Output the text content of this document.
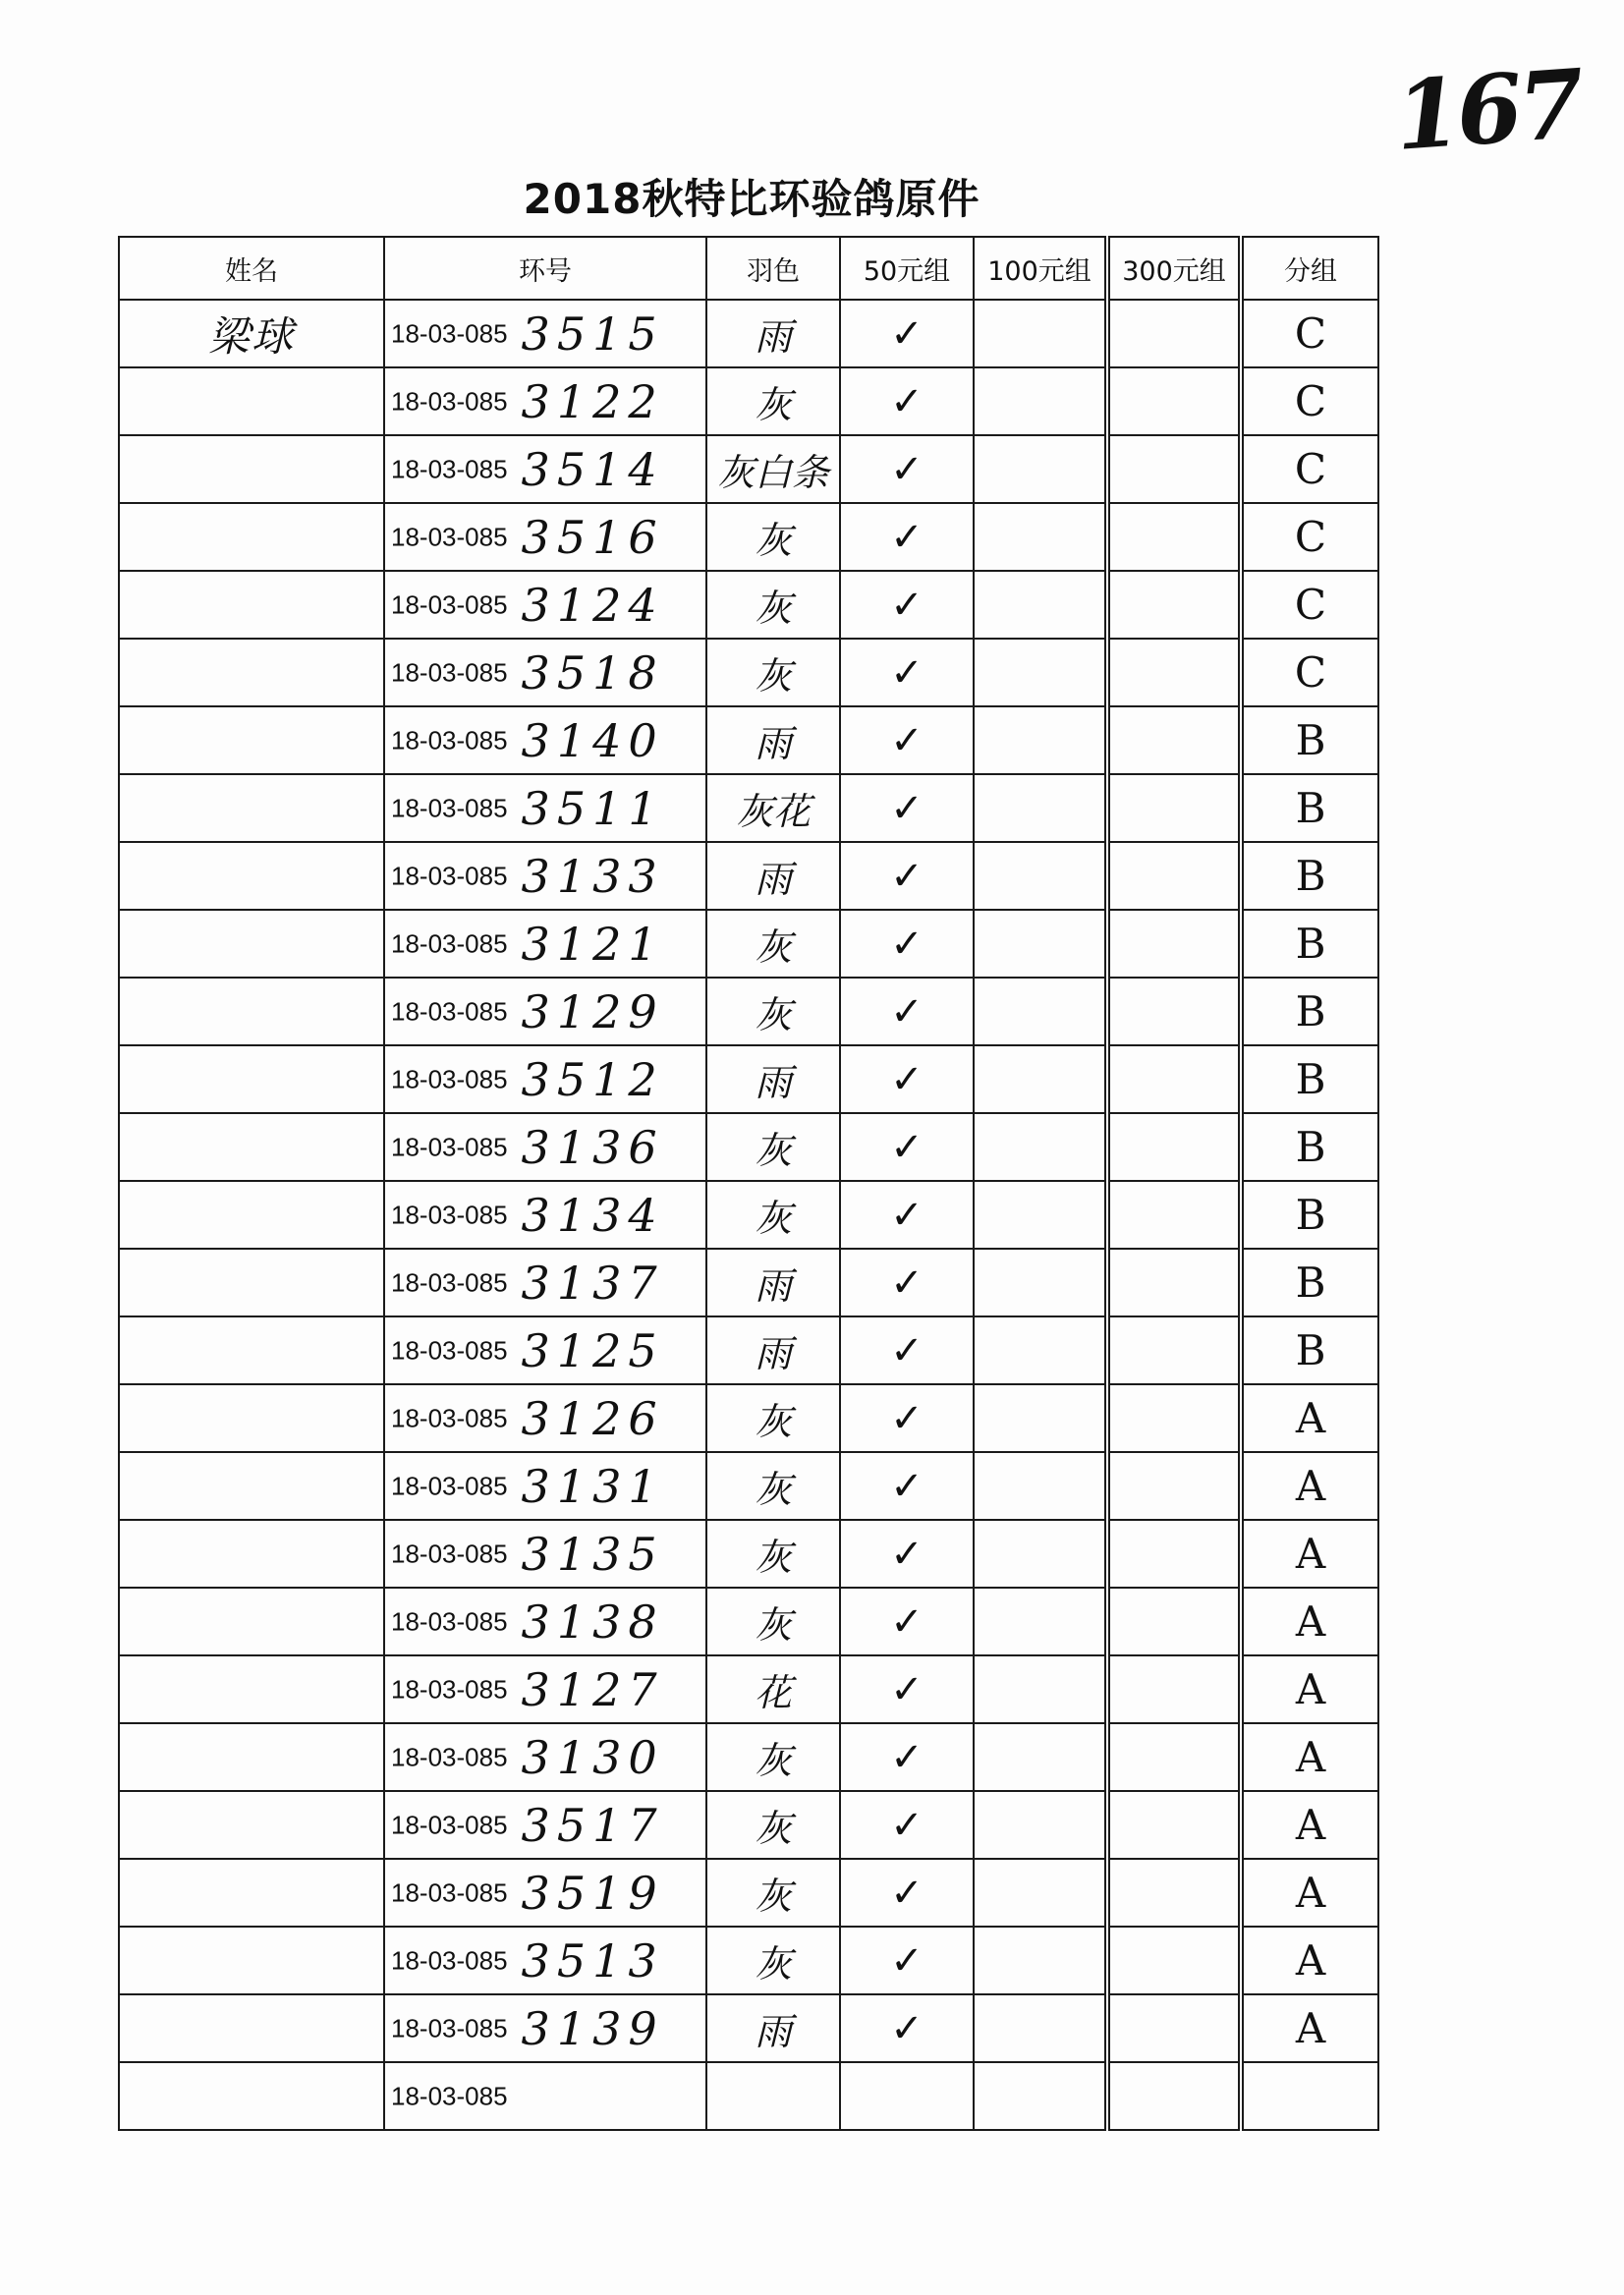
167
2018秋特比环验鸽原件
姓名	环号	羽色	50元组	100元组	300元组	分组
梁球	18-03-085 3515	雨	✓			C
	18-03-085 3122	灰	✓			C
	18-03-085 3514	灰白条	✓			C
	18-03-085 3516	灰	✓			C
	18-03-085 3124	灰	✓			C
	18-03-085 3518	灰	✓			C
	18-03-085 3140	雨	✓			B
	18-03-085 3511	灰花	✓			B
	18-03-085 3133	雨	✓			B
	18-03-085 3121	灰	✓			B
	18-03-085 3129	灰	✓			B
	18-03-085 3512	雨	✓			B
	18-03-085 3136	灰	✓			B
	18-03-085 3134	灰	✓			B
	18-03-085 3137	雨	✓			B
	18-03-085 3125	雨	✓			B
	18-03-085 3126	灰	✓			A
	18-03-085 3131	灰	✓			A
	18-03-085 3135	灰	✓			A
	18-03-085 3138	灰	✓			A
	18-03-085 3127	花	✓			A
	18-03-085 3130	灰	✓			A
	18-03-085 3517	灰	✓			A
	18-03-085 3519	灰	✓			A
	18-03-085 3513	灰	✓			A
	18-03-085 3139	雨	✓			A
	18-03-085					
